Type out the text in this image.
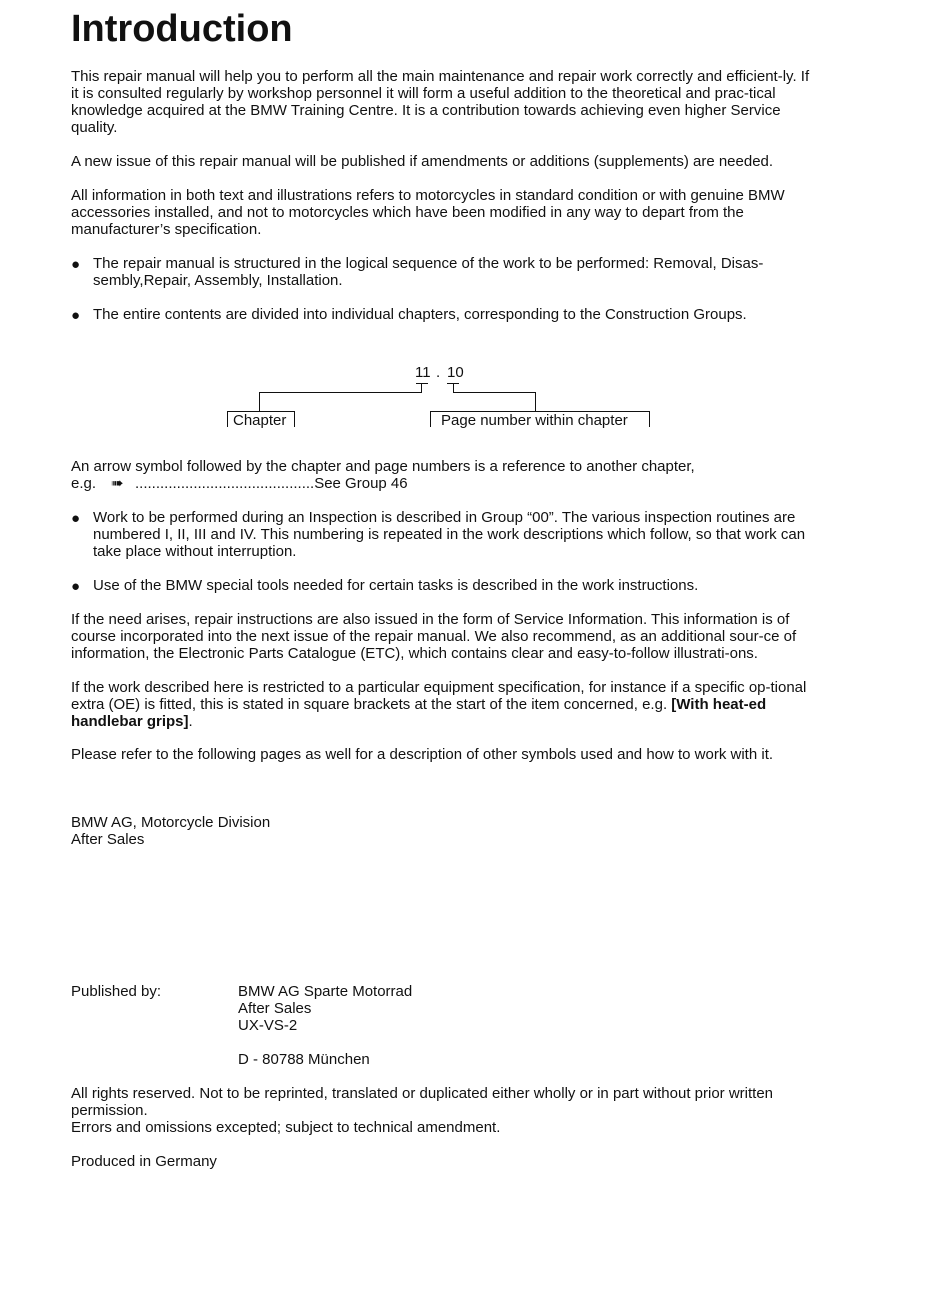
Introduction

This repair manual will help you to perform all the main maintenance and repair work correctly and efficient-ly. If it is consulted regularly by workshop personnel it will form a useful addition to the theoretical and prac-tical knowledge acquired at the BMW Training Centre. It is a contribution towards achieving even higher Service quality.

A new issue of this repair manual will be published if amendments or additions (supplements) are needed.

All information in both text and illustrations refers to motorcycles in standard condition or with genuine BMW accessories installed, and not to motorcycles which have been modified in any way to depart from the manufacturer’s specification.

● The repair manual is structured in the logical sequence of the work to be performed: Removal, Disas-sembly,Repair, Assembly, Installation.
● The entire contents are divided into individual chapters, corresponding to the Construction Groups.
11 . 10
Chapter	Page number within chapter

An arrow symbol followed by the chapter and page numbers is a reference to another chapter,

e.g. ➠ ...........................................See Group 46
● Work to be performed during an Inspection is described in Group “00”. The various inspection routines are numbered I, II, III and IV. This numbering is repeated in the work descriptions which follow, so that work can take place without interruption.
● Use of the BMW special tools needed for certain tasks is described in the work instructions.

If the need arises, repair instructions are also issued in the form of Service Information. This information is of course incorporated into the next issue of the repair manual. We also recommend, as an additional sour-ce of information, the Electronic Parts Catalogue (ETC), which contains clear and easy-to-follow illustrati-ons.

If the work described here is restricted to a particular equipment specification, for instance if a specific op-tional extra (OE) is fitted, this is stated in square brackets at the start of the item concerned, e.g. [With heat-ed handlebar grips].

Please refer to the following pages as well for a description of other symbols used and how to work with it.

BMW AG, Motorcycle Division

After Sales

Published by:	BMW AG Sparte Motorrad
After Sales
UX-VS-2
D - 80788 München

All rights reserved. Not to be reprinted, translated or duplicated either wholly or in part without prior written permission.

Errors and omissions excepted; subject to technical amendment.

Produced in Germany
